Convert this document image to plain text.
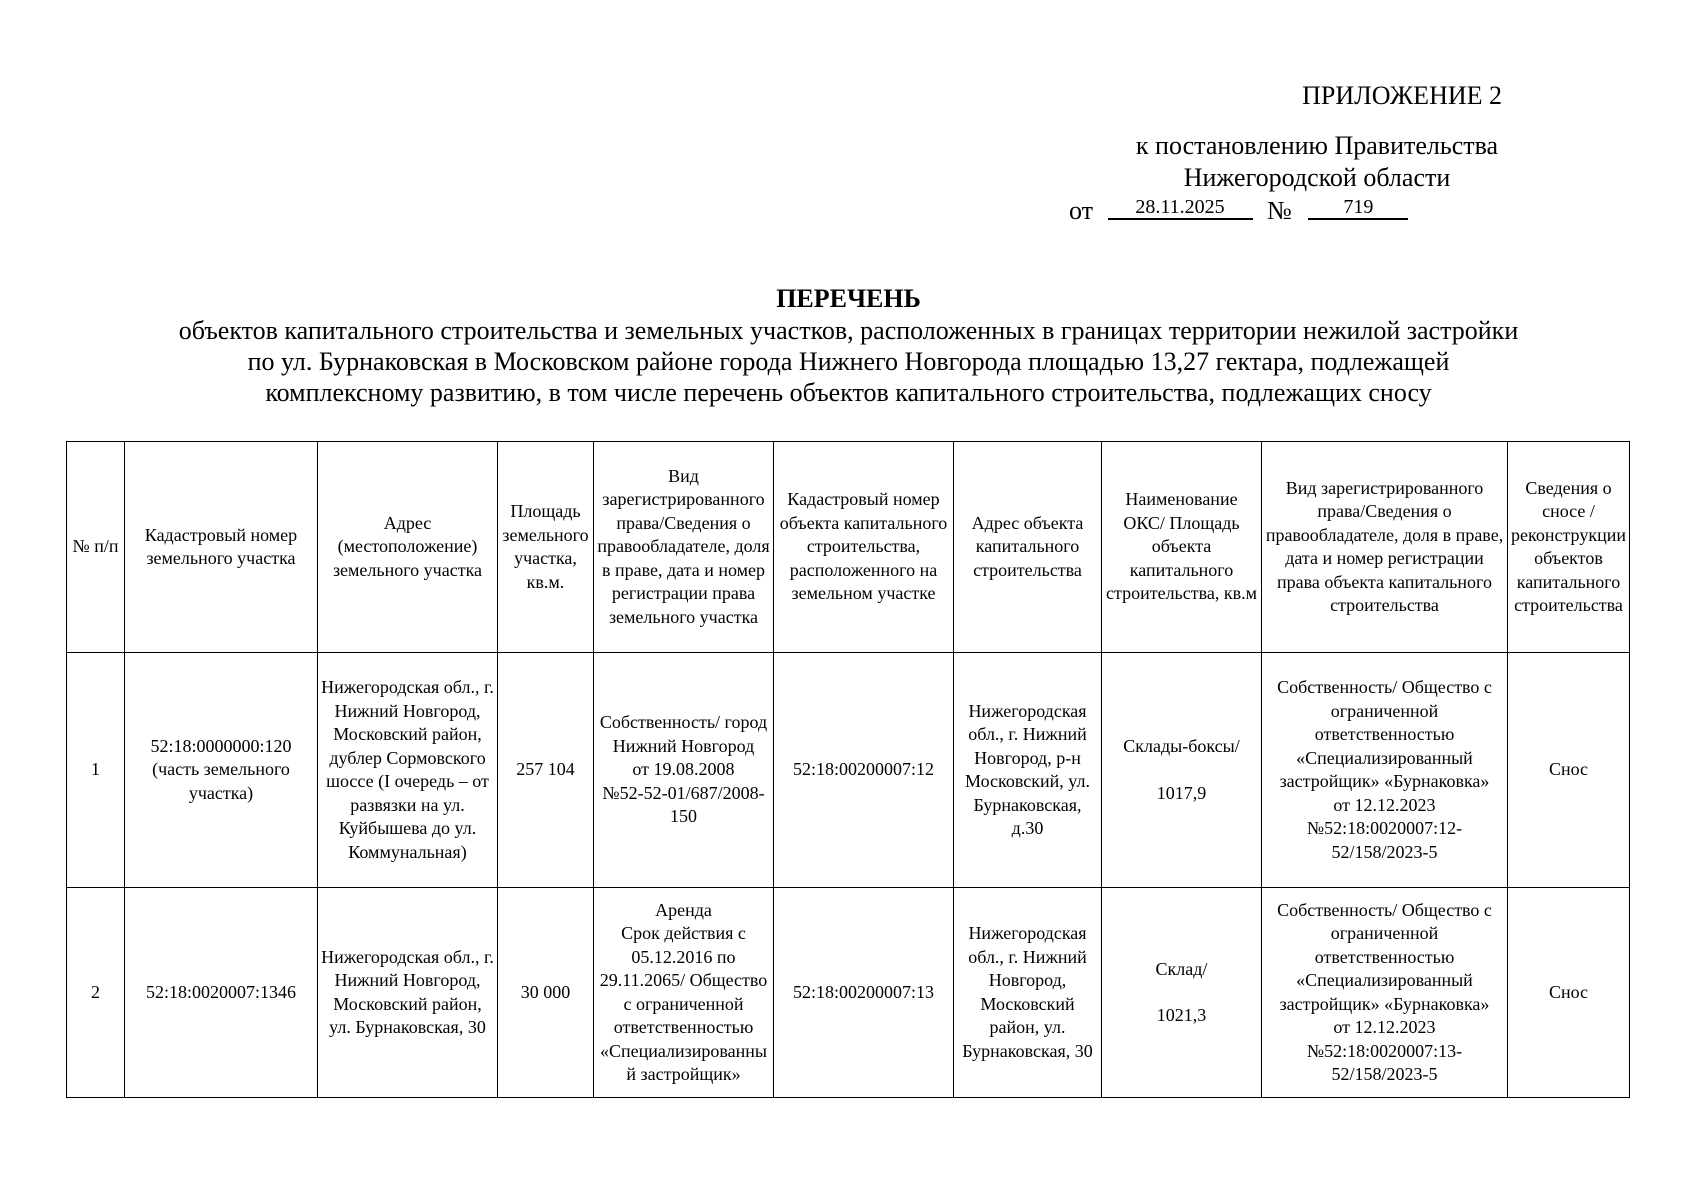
ПРИЛОЖЕНИЕ 2
к постановлению Правительства
Нижегородской области
от 28.11.2025 №	719
ПЕРЕЧЕНЬ
объектов капитального строительства и земельных участков, расположенных в границах территории нежилой застройки
по ул. Бурнаковская в Московском районе города Нижнего Новгорода площадью 13,27 гектара, подлежащей
комплексному развитию, в том числе перечень объектов капитального строительства, подлежащих сносу
№ п/п	Кадастровый номер земельного участка	Адрес (местоположение) земельного участка	Площадь земельного участка, кв.м.	Вид зарегистрированного права/Сведения о правообладателе, доля в праве, дата и номер регистрации права земельного участка	Кадастровый номер объекта капитального строительства, расположенного на земельном участке	Адрес объекта капитального строительства	Наименование ОКС/ Площадь объекта капитального строительства, кв.м	Вид зарегистрированного права/Сведения о правообладателе, доля в праве, дата и номер регистрации права объекта капитального строительства	Сведения о сносе / реконструкции объектов капитального строительства
1	52:18:0000000:120 (часть земельного участка)	Нижегородская обл., г. Нижний Новгород, Московский район, дублер Сормовского шоссе (I очередь – от развязки на ул. Куйбышева до ул. Коммунальная)	257 104	Собственность/ город Нижний Новгород
от 19.08.2008
№52-52-01/687/2008-150	52:18:00200007:12	Нижегородская обл., г. Нижний Новгород, р-н Московский, ул. Бурнаковская, д.30	Склады-боксы/
1017,9	Собственность/ Общество с ограниченной ответственностью «Специализированный застройщик» «Бурнаковка»
от 12.12.2023
№52:18:0020007:12-52/158/2023-5	Снос
2	52:18:0020007:1346	Нижегородская обл., г. Нижний Новгород, Московский район, ул. Бурнаковская, 30	30 000	Аренда
Срок действия с 05.12.2016 по 29.11.2065/ Общество с ограниченной ответственностью «Специализированный застройщик»	52:18:00200007:13	Нижегородская обл., г. Нижний Новгород, Московский район, ул. Бурнаковская, 30	Склад/
1021,3	Собственность/ Общество с ограниченной ответственностью «Специализированный застройщик» «Бурнаковка»
от 12.12.2023
№52:18:0020007:13-52/158/2023-5	Снос
